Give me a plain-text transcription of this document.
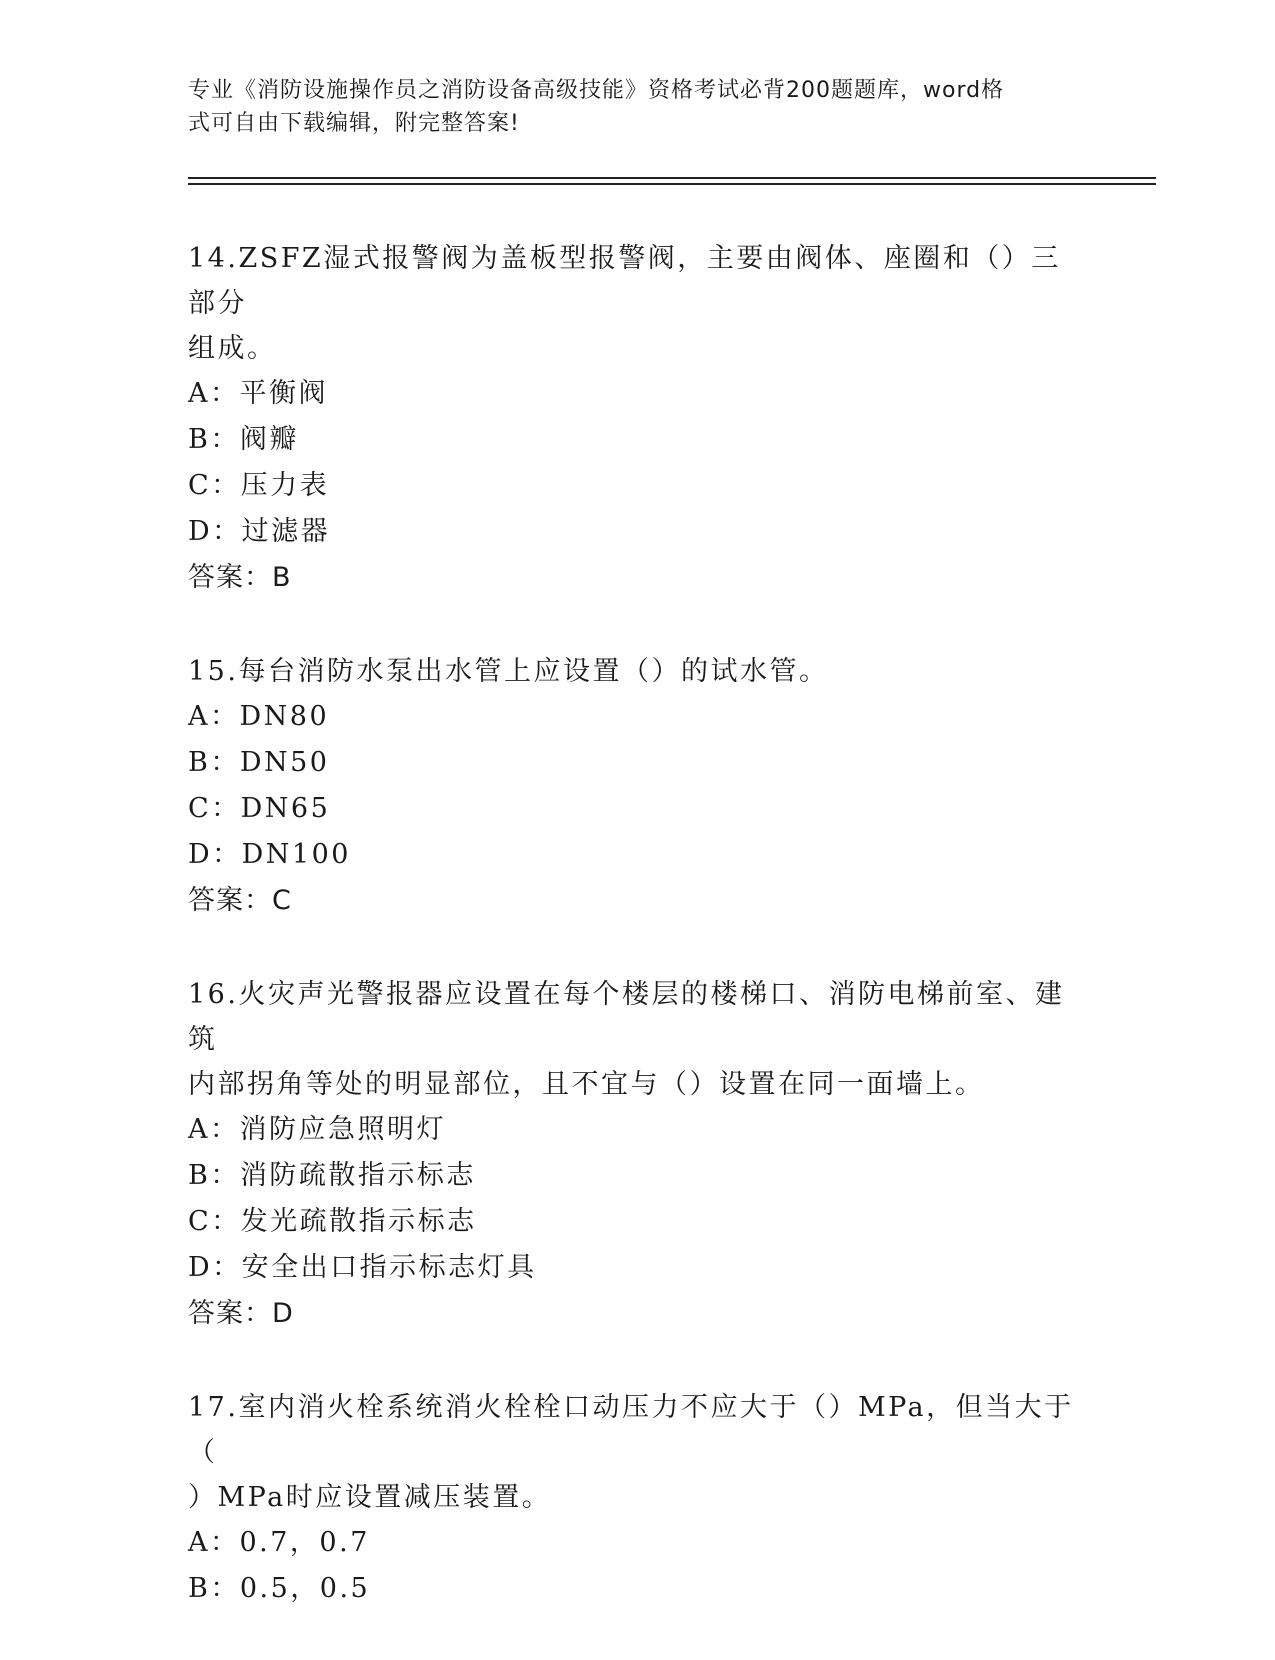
专业《消防设施操作员之消防设备高级技能》资格考试必背200题题库，word格
式可自由下载编辑，附完整答案!
14.ZSFZ湿式报警阀为盖板型报警阀，主要由阀体、座圈和（）三部分
组成。
A：平衡阀
B：阀瓣
C：压力表
D：过滤器
答案：B
15.每台消防水泵出水管上应设置（）的试水管。
A：DN80
B：DN50
C：DN65
D：DN100
答案：C
16.火灾声光警报器应设置在每个楼层的楼梯口、消防电梯前室、建筑
内部拐角等处的明显部位，且不宜与（）设置在同一面墙上。
A：消防应急照明灯
B：消防疏散指示标志
C：发光疏散指示标志
D：安全出口指示标志灯具
答案：D
17.室内消火栓系统消火栓栓口动压力不应大于（）MPa，但当大于（
）MPa时应设置减压装置。
A：0.7，0.7
B：0.5，0.5
